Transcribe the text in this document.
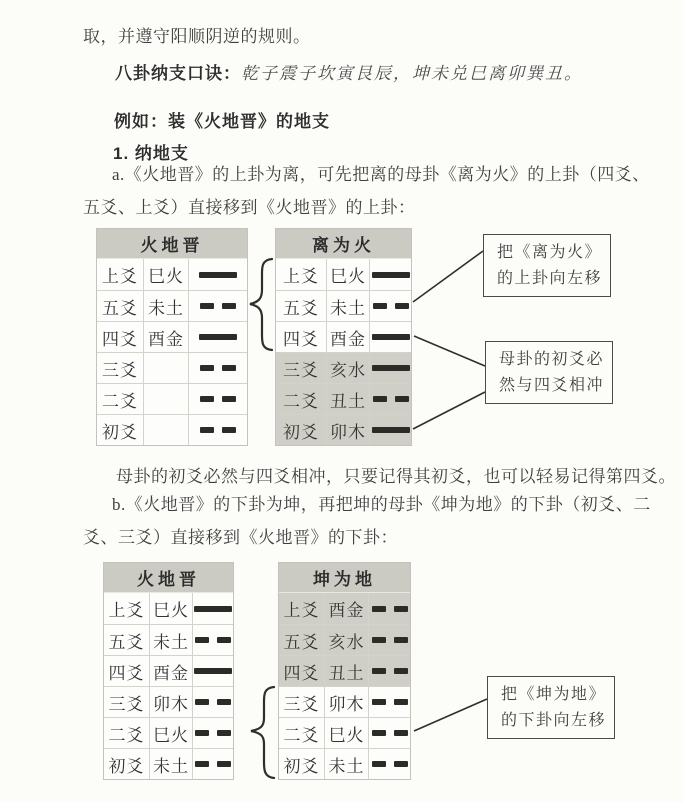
取，并遵守阳顺阴逆的规则。
八卦纳支口诀：乾子震子坎寅艮辰，坤未兑巳离卯巽丑。
例如：装《火地晋》的地支
1. 纳地支
a.《火地晋》的上卦为离，可先把离的母卦《离为火》的上卦（四爻、
五爻、上爻）直接移到《火地晋》的上卦：
母卦的初爻必然与四爻相冲，只要记得其初爻，也可以轻易记得第四爻。
b.《火地晋》的下卦为坤，再把坤的母卦《坤为地》的下卦（初爻、二
爻、三爻）直接移到《火地晋》的下卦：
火地晋
上爻 巳火
五爻 未土
四爻 酉金
三爻
二爻
初爻
离为火
上爻 巳火
五爻 未土
四爻 酉金
三爻 亥水
二爻 丑土
初爻 卯木
火地晋
上爻 巳火
五爻 未土
四爻 酉金
三爻 卯木
二爻 巳火
初爻 未土
坤为地
上爻 酉金
五爻 亥水
四爻 丑土
三爻 卯木
二爻 巳火
初爻 未土
把《离为火》
的上卦向左移
母卦的初爻必
然与四爻相冲
把《坤为地》
的下卦向左移
